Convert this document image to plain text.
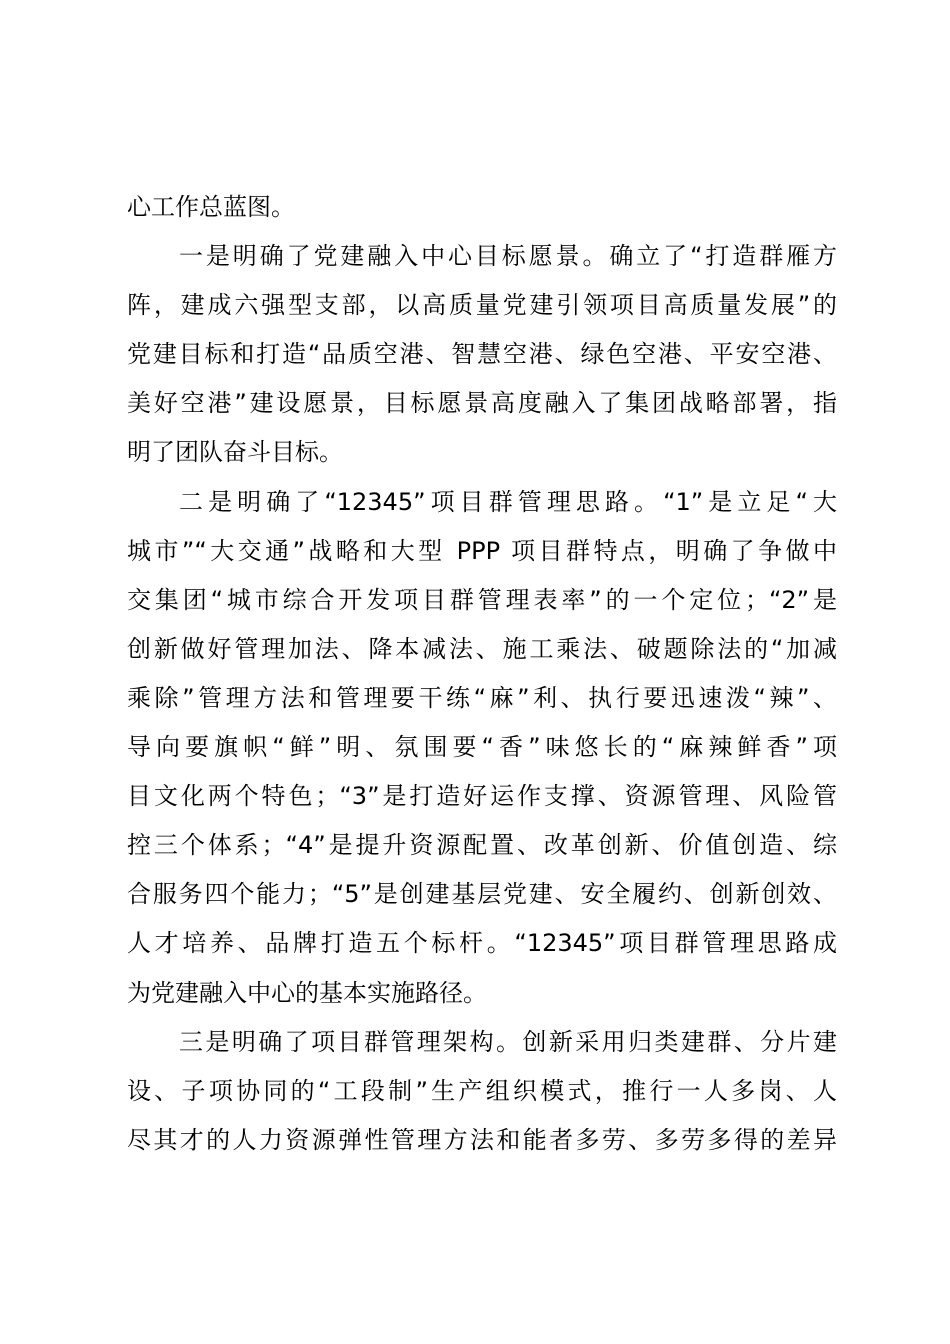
心工作总蓝图。
一是明确了党建融入中心目标愿景。确立了“打造群雁方
阵，建成六强型支部，以高质量党建引领项目高质量发展”的
党建目标和打造“品质空港、智慧空港、绿色空港、平安空港、
美好空港”建设愿景，目标愿景高度融入了集团战略部署，指
明了团队奋斗目标。
二是明确了“12345”项目群管理思路。“1”是立足“大
城市”“大交通”战略和大型 PPP 项目群特点，明确了争做中
交集团“城市综合开发项目群管理表率”的一个定位；“2”是
创新做好管理加法、降本减法、施工乘法、破题除法的“加减
乘除”管理方法和管理要干练“麻”利、执行要迅速泼“辣”、
导向要旗帜“鲜”明、氛围要“香”味悠长的“麻辣鲜香”项
目文化两个特色；“3”是打造好运作支撑、资源管理、风险管
控三个体系；“4”是提升资源配置、改革创新、价值创造、综
合服务四个能力；“5”是创建基层党建、安全履约、创新创效、
人才培养、品牌打造五个标杆。“12345”项目群管理思路成
为党建融入中心的基本实施路径。
三是明确了项目群管理架构。创新采用归类建群、分片建
设、子项协同的“工段制”生产组织模式，推行一人多岗、人
尽其才的人力资源弹性管理方法和能者多劳、多劳多得的差异
